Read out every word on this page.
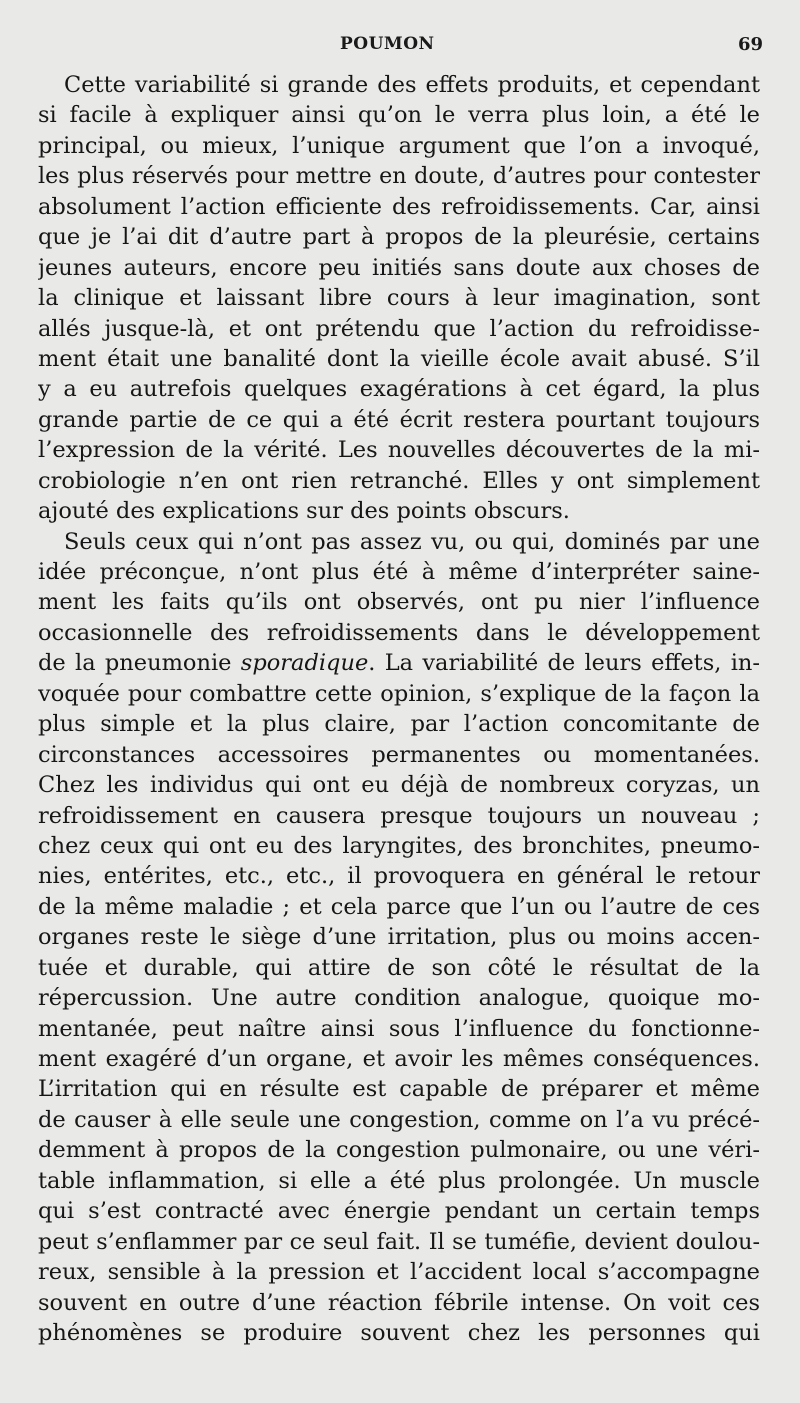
POUMON	69
Cette variabilité si grande des effets produits, et cependant
si facile à expliquer ainsi qu’on le verra plus loin, a été le
principal, ou mieux, l’unique argument que l’on a invoqué,
les plus réservés pour mettre en doute, d’autres pour contester
absolument l’action efficiente des refroidissements. Car, ainsi
que je l’ai dit d’autre part à propos de la pleurésie, certains
jeunes auteurs, encore peu initiés sans doute aux choses de
la clinique et laissant libre cours à leur imagination, sont
allés jusque-là, et ont prétendu que l’action du refroidisse-
ment était une banalité dont la vieille école avait abusé. S’il
y a eu autrefois quelques exagérations à cet égard, la plus
grande partie de ce qui a été écrit restera pourtant toujours
l’expression de la vérité. Les nouvelles découvertes de la mi-
crobiologie n’en ont rien retranché. Elles y ont simplement
ajouté des explications sur des points obscurs.
Seuls ceux qui n’ont pas assez vu, ou qui, dominés par une
idée préconçue, n’ont plus été à même d’interpréter saine-
ment les faits qu’ils ont observés, ont pu nier l’influence
occasionnelle des refroidissements dans le développement
de la pneumonie sporadique. La variabilité de leurs effets, in-
voquée pour combattre cette opinion, s’explique de la façon la
plus simple et la plus claire, par l’action concomitante de
circonstances accessoires permanentes ou momentanées.
Chez les individus qui ont eu déjà de nombreux coryzas, un
refroidissement en causera presque toujours un nouveau ;
chez ceux qui ont eu des laryngites, des bronchites, pneumo-
nies, entérites, etc., etc., il provoquera en général le retour
de la même maladie ; et cela parce que l’un ou l’autre de ces
organes reste le siège d’une irritation, plus ou moins accen-
tuée et durable, qui attire de son côté le résultat de la
répercussion. Une autre condition analogue, quoique mo-
mentanée, peut naître ainsi sous l’influence du fonctionne-
ment exagéré d’un organe, et avoir les mêmes conséquences.
L’irritation qui en résulte est capable de préparer et même
de causer à elle seule une congestion, comme on l’a vu précé-
demment à propos de la congestion pulmonaire, ou une véri-
table inflammation, si elle a été plus prolongée. Un muscle
qui s’est contracté avec énergie pendant un certain temps
peut s’enflammer par ce seul fait. Il se tuméfie, devient doulou-
reux, sensible à la pression et l’accident local s’accompagne
souvent en outre d’une réaction fébrile intense. On voit ces
phénomènes se produire souvent chez les personnes qui
